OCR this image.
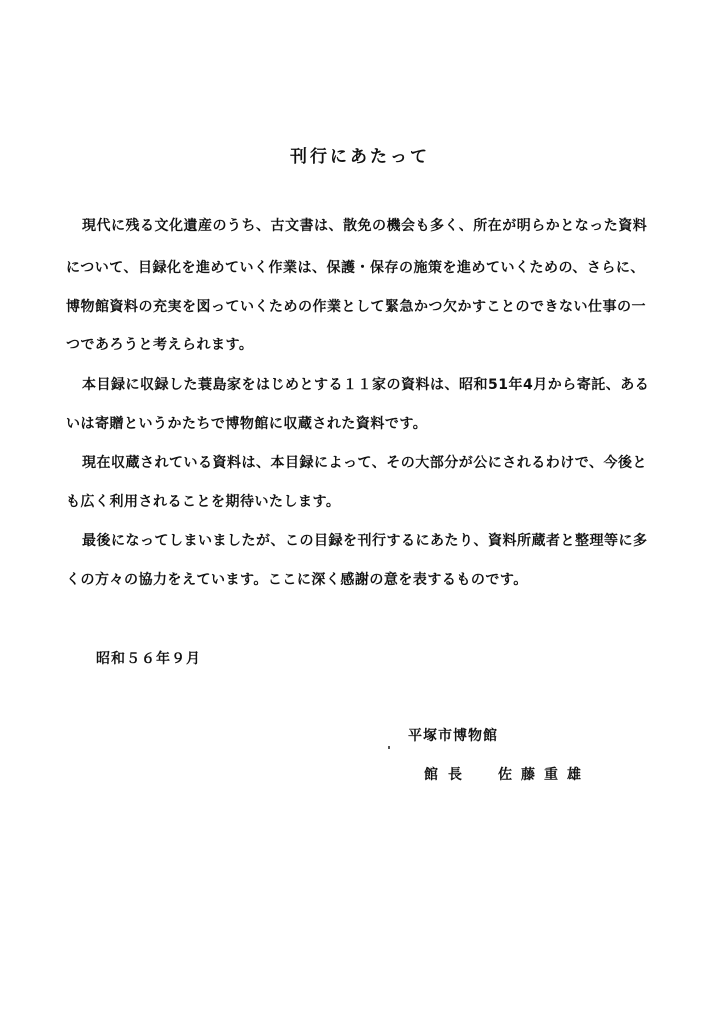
刊行にあたって
現代に残る文化遺産のうち、古文書は、散免の機会も多く、所在が明らかとなった資料
について、目録化を進めていく作業は、保護・保存の施策を進めていくための、さらに、
博物館資料の充実を図っていくための作業として緊急かつ欠かすことのできない仕事の一
つであろうと考えられます。
本目録に収録した蓑島家をはじめとする１１家の資料は、昭和51年4月から寄託、ある
いは寄贈というかたちで博物館に収蔵された資料です。
現在収蔵されている資料は、本目録によって、その大部分が公にされるわけで、今後と
も広く利用されることを期待いたします。
最後になってしまいましたが、この目録を刊行するにあたり、資料所蔵者と整理等に多
くの方々の協力をえています。ここに深く感謝の意を表するものです。
昭和５６年９月
平塚市博物館
館長 佐藤重雄
